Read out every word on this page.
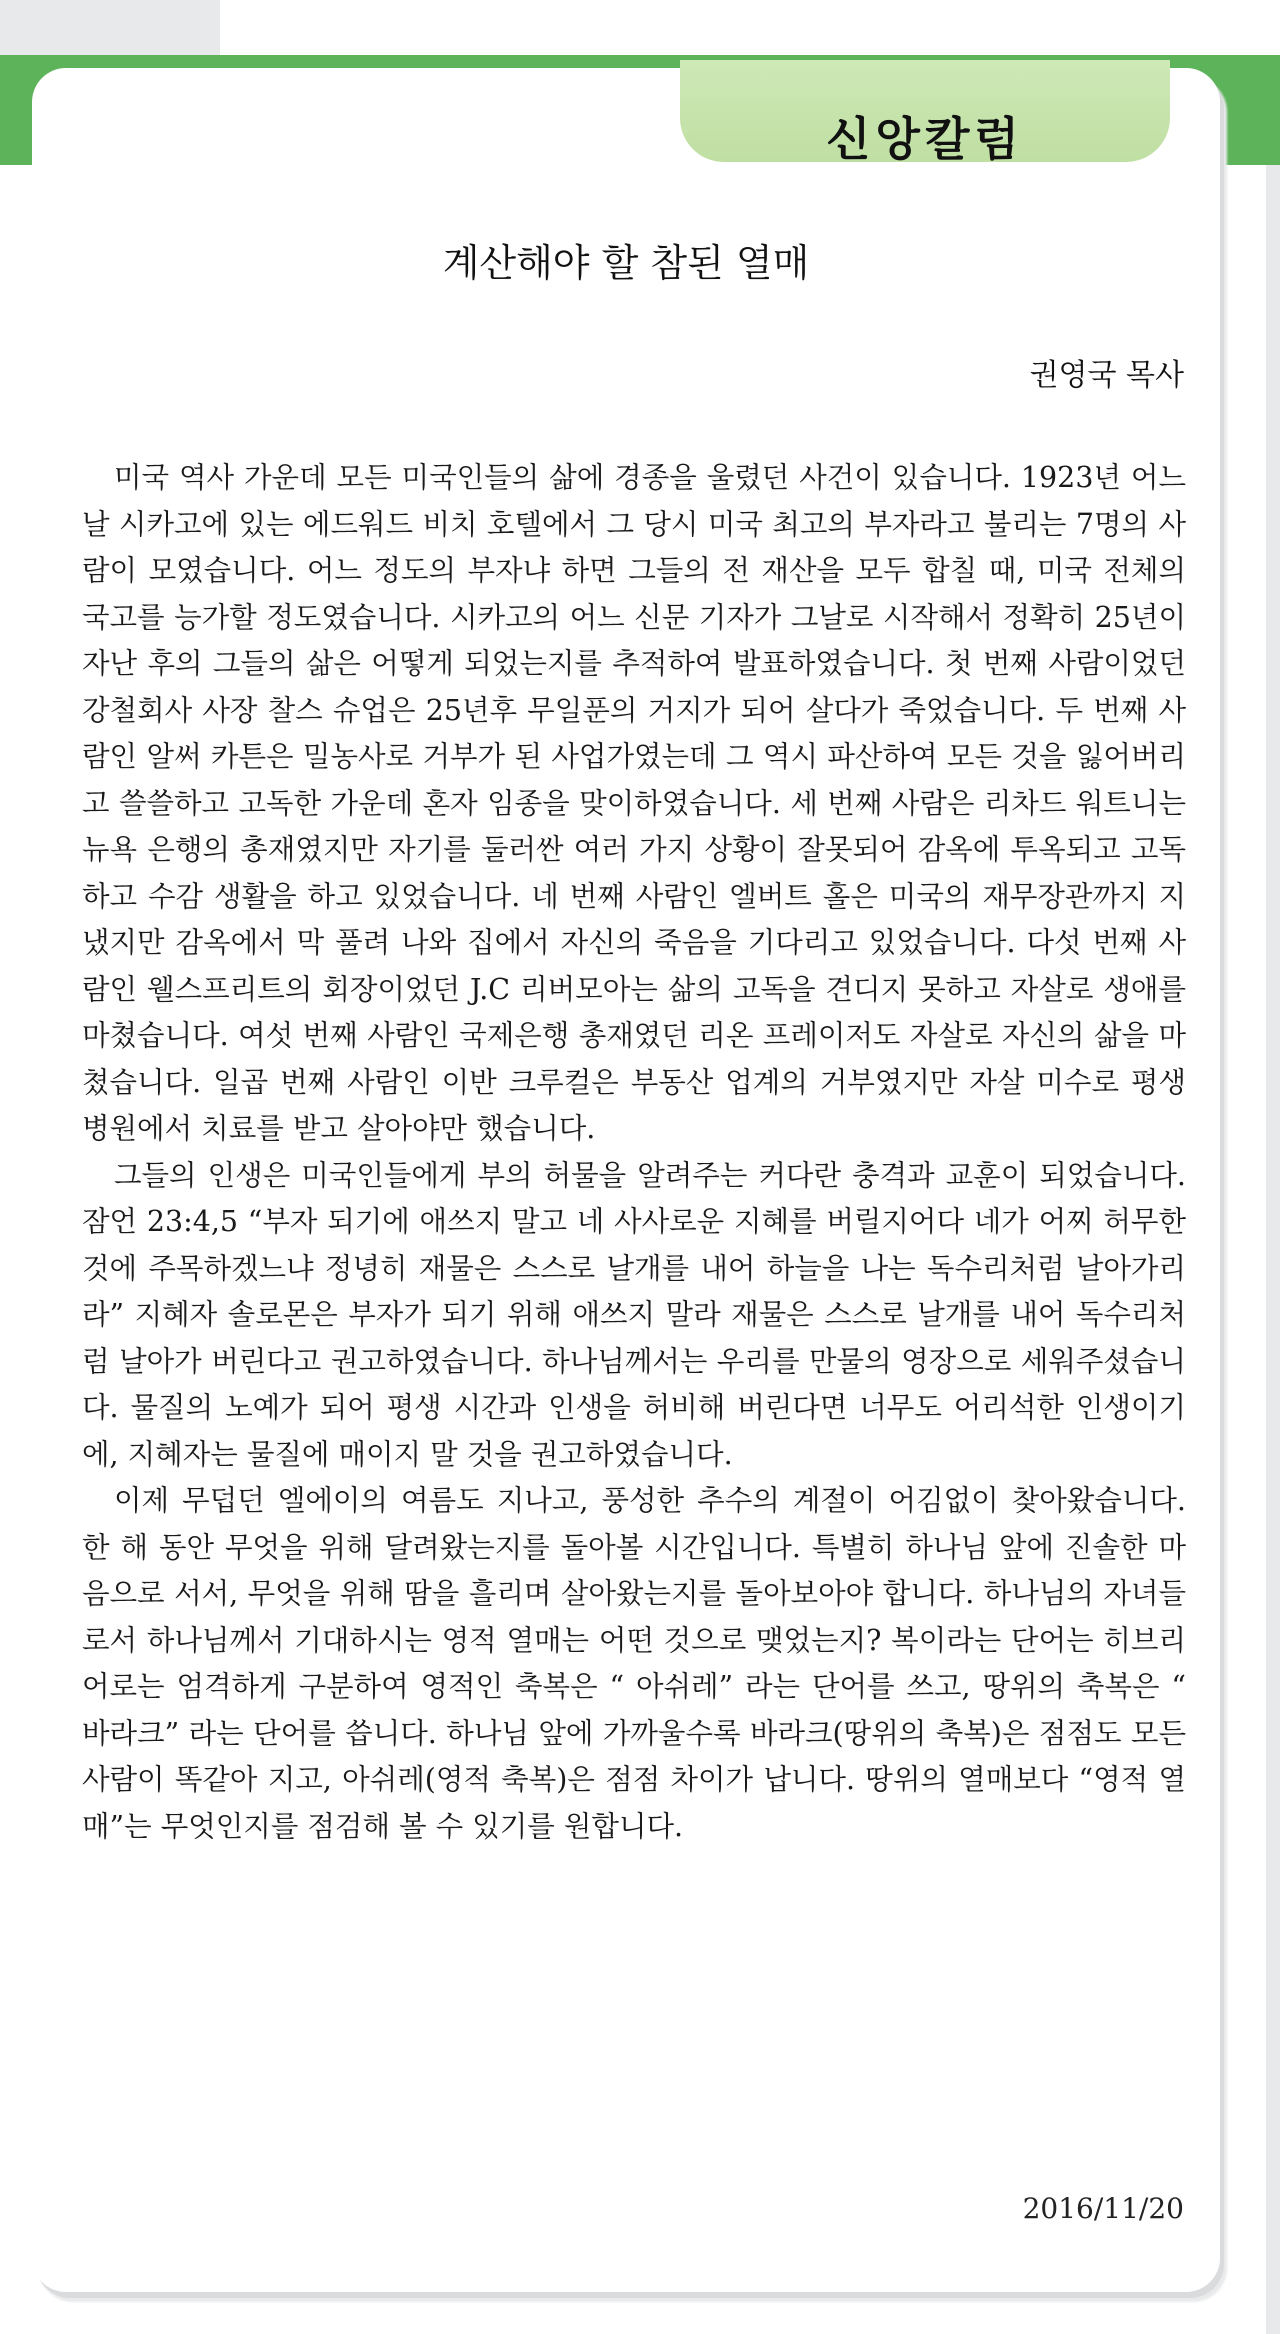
신앙칼럼
계산해야 할 참된 열매
권영국 목사

미국 역사 가운데 모든 미국인들의 삶에 경종을 울렸던 사건이 있습니다. 1923년 어느 날 시카고에 있는 에드워드 비치 호텔에서 그 당시 미국 최고의 부자라고 불리는 7명의 사람이 모였습니다. 어느 정도의 부자냐 하면 그들의 전 재산을 모두 합칠 때, 미국 전체의 국고를 능가할 정도였습니다. 시카고의 어느 신문 기자가 그날로 시작해서 정확히 25년이 자난 후의 그들의 삶은 어떻게 되었는지를 추적하여 발표하였습니다. 첫 번째 사람이었던 강철회사 사장 찰스 슈업은 25년후 무일푼의 거지가 되어 살다가 죽었습니다. 두 번째 사람인 알써 카튼은 밀농사로 거부가 된 사업가였는데 그 역시 파산하여 모든 것을 잃어버리고 쓸쓸하고 고독한 가운데 혼자 임종을 맞이하였습니다. 세 번째 사람은 리차드 워트니는 뉴욕 은행의 총재였지만 자기를 둘러싼 여러 가지 상황이 잘못되어 감옥에 투옥되고 고독하고 수감 생활을 하고 있었습니다. 네 번째 사람인 엘버트 홀은 미국의 재무장관까지 지냈지만 감옥에서 막 풀려 나와 집에서 자신의 죽음을 기다리고 있었습니다. 다섯 번째 사람인 웰스프리트의 회장이었던 J.C 리버모아는 삶의 고독을 견디지 못하고 자살로 생애를 마쳤습니다. 여섯 번째 사람인 국제은행 총재였던 리온 프레이저도 자살로 자신의 삶을 마쳤습니다. 일곱 번째 사람인 이반 크루컬은 부동산 업계의 거부였지만 자살 미수로 평생 병원에서 치료를 받고 살아야만 했습니다.

그들의 인생은 미국인들에게 부의 허물을 알려주는 커다란 충격과 교훈이 되었습니다. 잠언 23:4,5 “부자 되기에 애쓰지 말고 네 사사로운 지혜를 버릴지어다 네가 어찌 허무한 것에 주목하겠느냐 정녕히 재물은 스스로 날개를 내어 하늘을 나는 독수리처럼 날아가리라” 지혜자 솔로몬은 부자가 되기 위해 애쓰지 말라 재물은 스스로 날개를 내어 독수리처럼 날아가 버린다고 권고하였습니다. 하나님께서는 우리를 만물의 영장으로 세워주셨습니다. 물질의 노예가 되어 평생 시간과 인생을 허비해 버린다면 너무도 어리석한 인생이기에, 지혜자는 물질에 매이지 말 것을 권고하였습니다.

이제 무덥던 엘에이의 여름도 지나고, 풍성한 추수의 계절이 어김없이 찾아왔습니다. 한 해 동안 무엇을 위해 달려왔는지를 돌아볼 시간입니다. 특별히 하나님 앞에 진솔한 마음으로 서서, 무엇을 위해 땀을 흘리며 살아왔는지를 돌아보아야 합니다. 하나님의 자녀들로서 하나님께서 기대하시는 영적 열매는 어떤 것으로 맺었는지? 복이라는 단어는 히브리어로는 엄격하게 구분하여 영적인 축복은 “ 아쉬레” 라는 단어를 쓰고, 땅위의 축복은 “ 바라크” 라는 단어를 씁니다. 하나님 앞에 가까울수록 바라크(땅위의 축복)은 점점도 모든 사람이 똑같아 지고, 아쉬레(영적 축복)은 점점 차이가 납니다. 땅위의 열매보다 “영적 열매”는 무엇인지를 점검해 볼 수 있기를 원합니다.

2016/11/20
